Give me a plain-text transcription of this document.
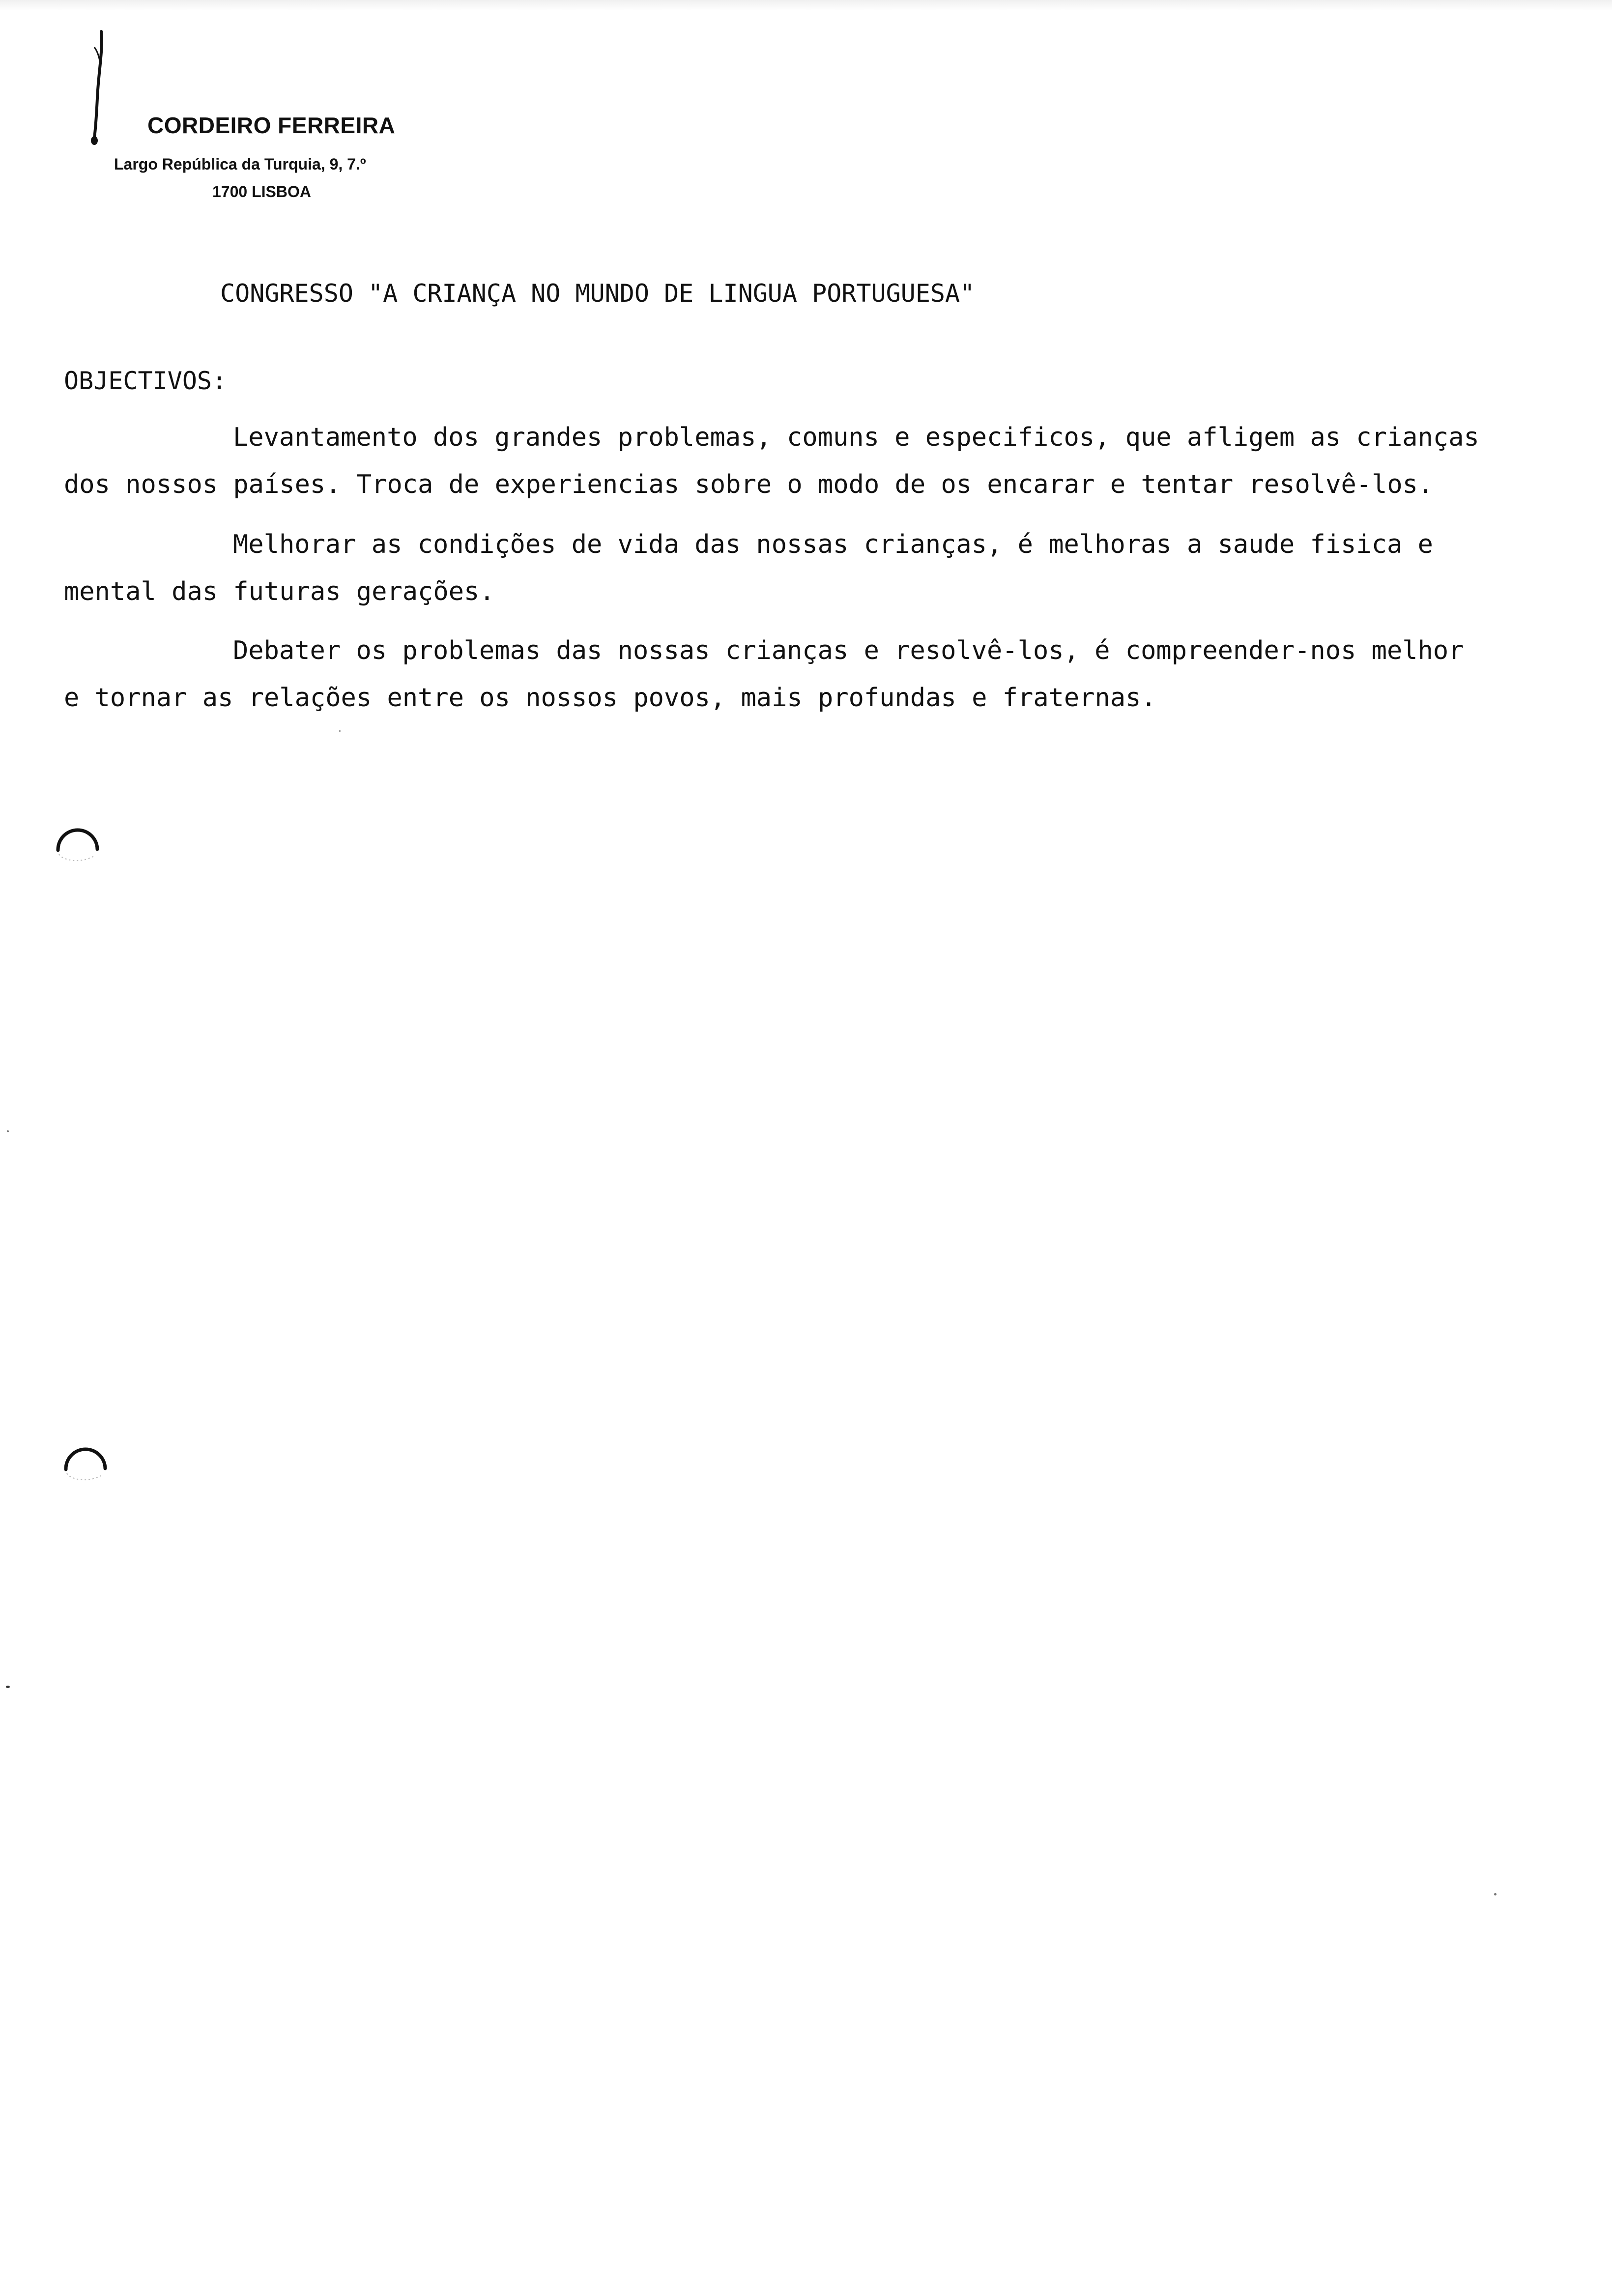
CORDEIRO FERREIRA
Largo República da Turquia, 9, 7.º
1700 LISBOA
CONGRESSO "A CRIANÇA NO MUNDO DE LINGUA PORTUGUESA"
OBJECTIVOS:
Levantamento dos grandes problemas, comuns e especificos, que afligem as crianças
dos nossos países. Troca de experiencias sobre o modo de os encarar e tentar resolvê-los.
Melhorar as condições de vida das nossas crianças, é melhoras a saude fisica e
mental das futuras gerações.
Debater os problemas das nossas crianças e resolvê-los, é compreender-nos melhor
e tornar as relações entre os nossos povos, mais profundas e fraternas.
